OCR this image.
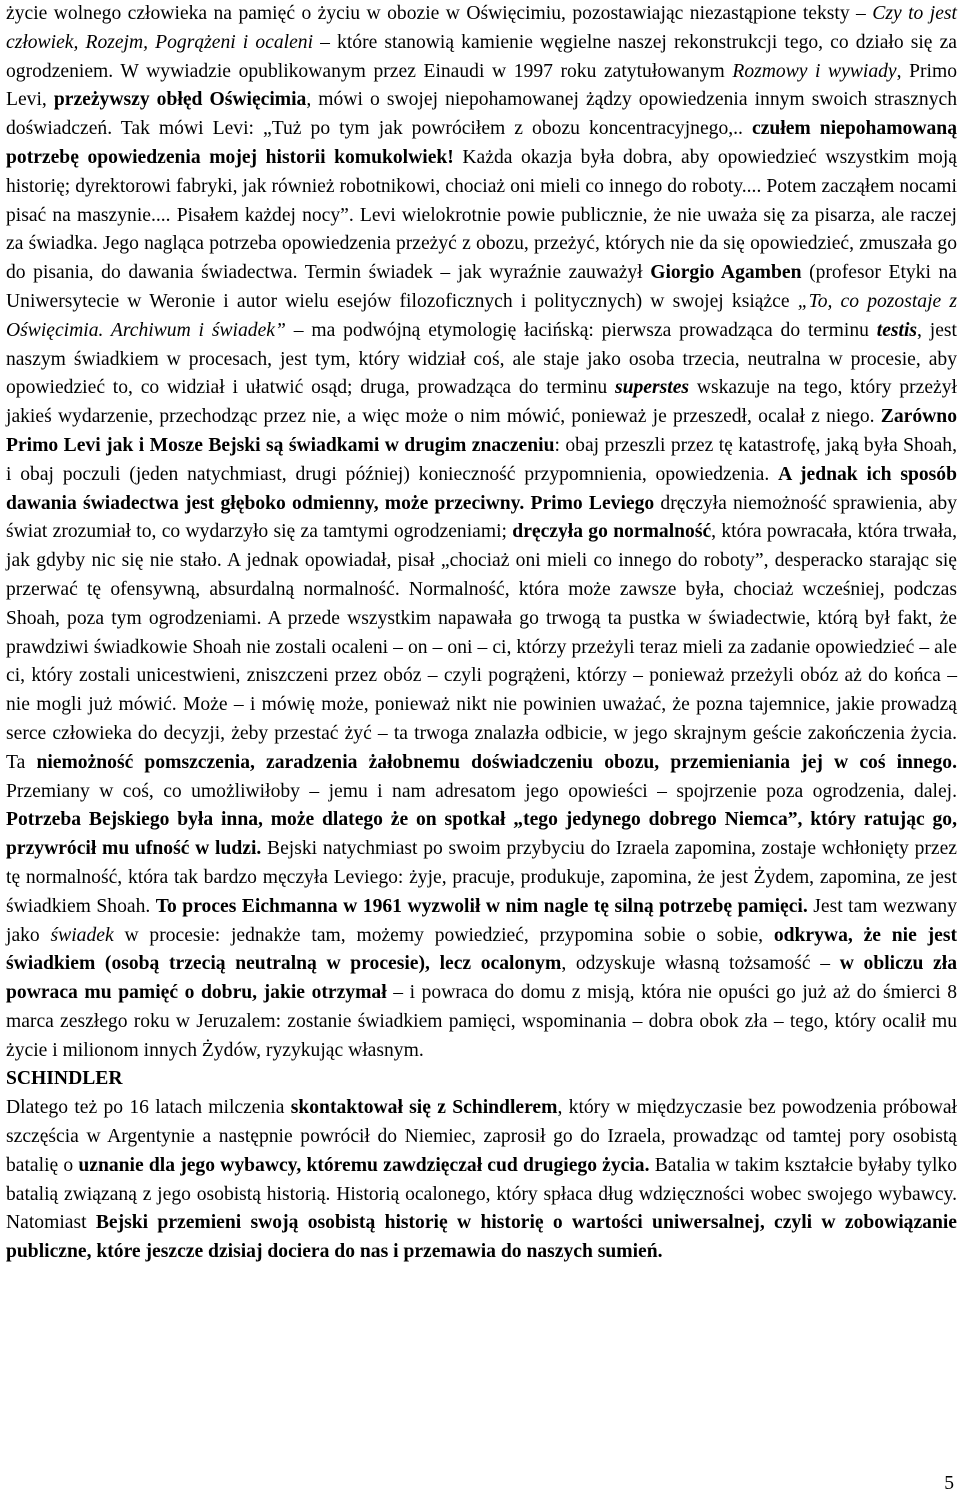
życie wolnego człowieka na pamięć o życiu w obozie w Oświęcimiu, pozostawiając niezastąpione teksty – Czy to jest człowiek, Rozejm, Pogrążeni i ocaleni – które stanowią kamienie węgielne naszej rekonstrukcji tego, co działo się za ogrodzeniem. W wywiadzie opublikowanym przez Einaudi w 1997 roku zatytułowanym Rozmowy i wywiady, Primo Levi, przeżywszy obłęd Oświęcimia, mówi o swojej niepohamowanej żądzy opowiedzenia innym swoich strasznych doświadczeń. Tak mówi Levi: „Tuż po tym jak powróciłem z obozu koncentracyjnego,.. czułem niepohamowaną potrzebę opowiedzenia mojej historii komukolwiek! Każda okazja była dobra, aby opowiedzieć wszystkim moją historię; dyrektorowi fabryki, jak również robotnikowi, chociaż oni mieli co innego do roboty.... Potem zacząłem nocami pisać na maszynie.... Pisałem każdej nocy”. Levi wielokrotnie powie publicznie, że nie uważa się za pisarza, ale raczej za świadka. Jego nagląca potrzeba opowiedzenia przeżyć z obozu, przeżyć, których nie da się opowiedzieć, zmuszała go do pisania, do dawania świadectwa. Termin świadek – jak wyraźnie zauważył Giorgio Agamben (profesor Etyki na Uniwersytecie w Weronie i autor wielu esejów filozoficznych i politycznych) w swojej książce „To, co pozostaje z Oświęcimia. Archiwum i świadek” – ma podwójną etymologię łacińską: pierwsza prowadząca do terminu testis, jest naszym świadkiem w procesach, jest tym, który widział coś, ale staje jako osoba trzecia, neutralna w procesie, aby opowiedzieć to, co widział i ułatwić osąd; druga, prowadząca do terminu superstes wskazuje na tego, który przeżył jakieś wydarzenie, przechodząc przez nie, a więc może o nim mówić, ponieważ je przeszedł, ocalał z niego. Zarówno Primo Levi jak i Mosze Bejski są świadkami w drugim znaczeniu: obaj przeszli przez tę katastrofę, jaką była Shoah, i obaj poczuli (jeden natychmiast, drugi później) konieczność przypomnienia, opowiedzenia. A jednak ich sposób dawania świadectwa jest głęboko odmienny, może przeciwny. Primo Leviego dręczyła niemożność sprawienia, aby świat zrozumiał to, co wydarzyło się za tamtymi ogrodzeniami; dręczyła go normalność, która powracała, która trwała, jak gdyby nic się nie stało. A jednak opowiadał, pisał „chociaż oni mieli co innego do roboty”, desperacko starając się przerwać tę ofensywną, absurdalną normalność. Normalność, która może zawsze była, chociaż wcześniej, podczas Shoah, poza tym ogrodzeniami. A przede wszystkim napawała go trwogą ta pustka w świadectwie, którą był fakt, że prawdziwi świadkowie Shoah nie zostali ocaleni – on – oni – ci, którzy przeżyli teraz mieli za zadanie opowiedzieć – ale ci, który zostali unicestwieni, zniszczeni przez obóz – czyli pogrążeni, którzy – ponieważ przeżyli obóz aż do końca – nie mogli już mówić. Może – i mówię może, ponieważ nikt nie powinien uważać, że pozna tajemnice, jakie prowadzą serce człowieka do decyzji, żeby przestać żyć – ta trwoga znalazła odbicie, w jego skrajnym geście zakończenia życia. Ta niemożność pomszczenia, zaradzenia żałobnemu doświadczeniu obozu, przemieniania jej w coś innego. Przemiany w coś, co umożliwiłoby – jemu i nam adresatom jego opowieści – spojrzenie poza ogrodzenia, dalej. Potrzeba Bejskiego była inna, może dlatego że on spotkał „tego jedynego dobrego Niemca”, który ratując go, przywrócił mu ufność w ludzi. Bejski natychmiast po swoim przybyciu do Izraela zapomina, zostaje wchłonięty przez tę normalność, która tak bardzo męczyła Leviego: żyje, pracuje, produkuje, zapomina, że jest Żydem, zapomina, ze jest świadkiem Shoah. To proces Eichmanna w 1961 wyzwolił w nim nagle tę silną potrzebę pamięci. Jest tam wezwany jako świadek w procesie: jednakże tam, możemy powiedzieć, przypomina sobie o sobie, odkrywa, że nie jest świadkiem (osobą trzecią neutralną w procesie), lecz ocalonym, odzyskuje własną tożsamość – w obliczu zła powraca mu pamięć o dobru, jakie otrzymał – i powraca do domu z misją, która nie opuści go już aż do śmierci 8 marca zeszłego roku w Jeruzalem: zostanie świadkiem pamięci, wspominania – dobra obok zła – tego, który ocalił mu życie i milionom innych Żydów, ryzykując własnym.

SCHINDLER

Dlatego też po 16 latach milczenia skontaktował się z Schindlerem, który w międzyczasie bez powodzenia próbował szczęścia w Argentynie a następnie powrócił do Niemiec, zaprosił go do Izraela, prowadząc od tamtej pory osobistą batalię o uznanie dla jego wybawcy, któremu zawdzięczał cud drugiego życia. Batalia w takim kształcie byłaby tylko batalią związaną z jego osobistą historią. Historią ocalonego, który spłaca dług wdzięczności wobec swojego wybawcy. Natomiast Bejski przemieni swoją osobistą historię w historię o wartości uniwersalnej, czyli w zobowiązanie publiczne, które jeszcze dzisiaj dociera do nas i przemawia do naszych sumień.

5
